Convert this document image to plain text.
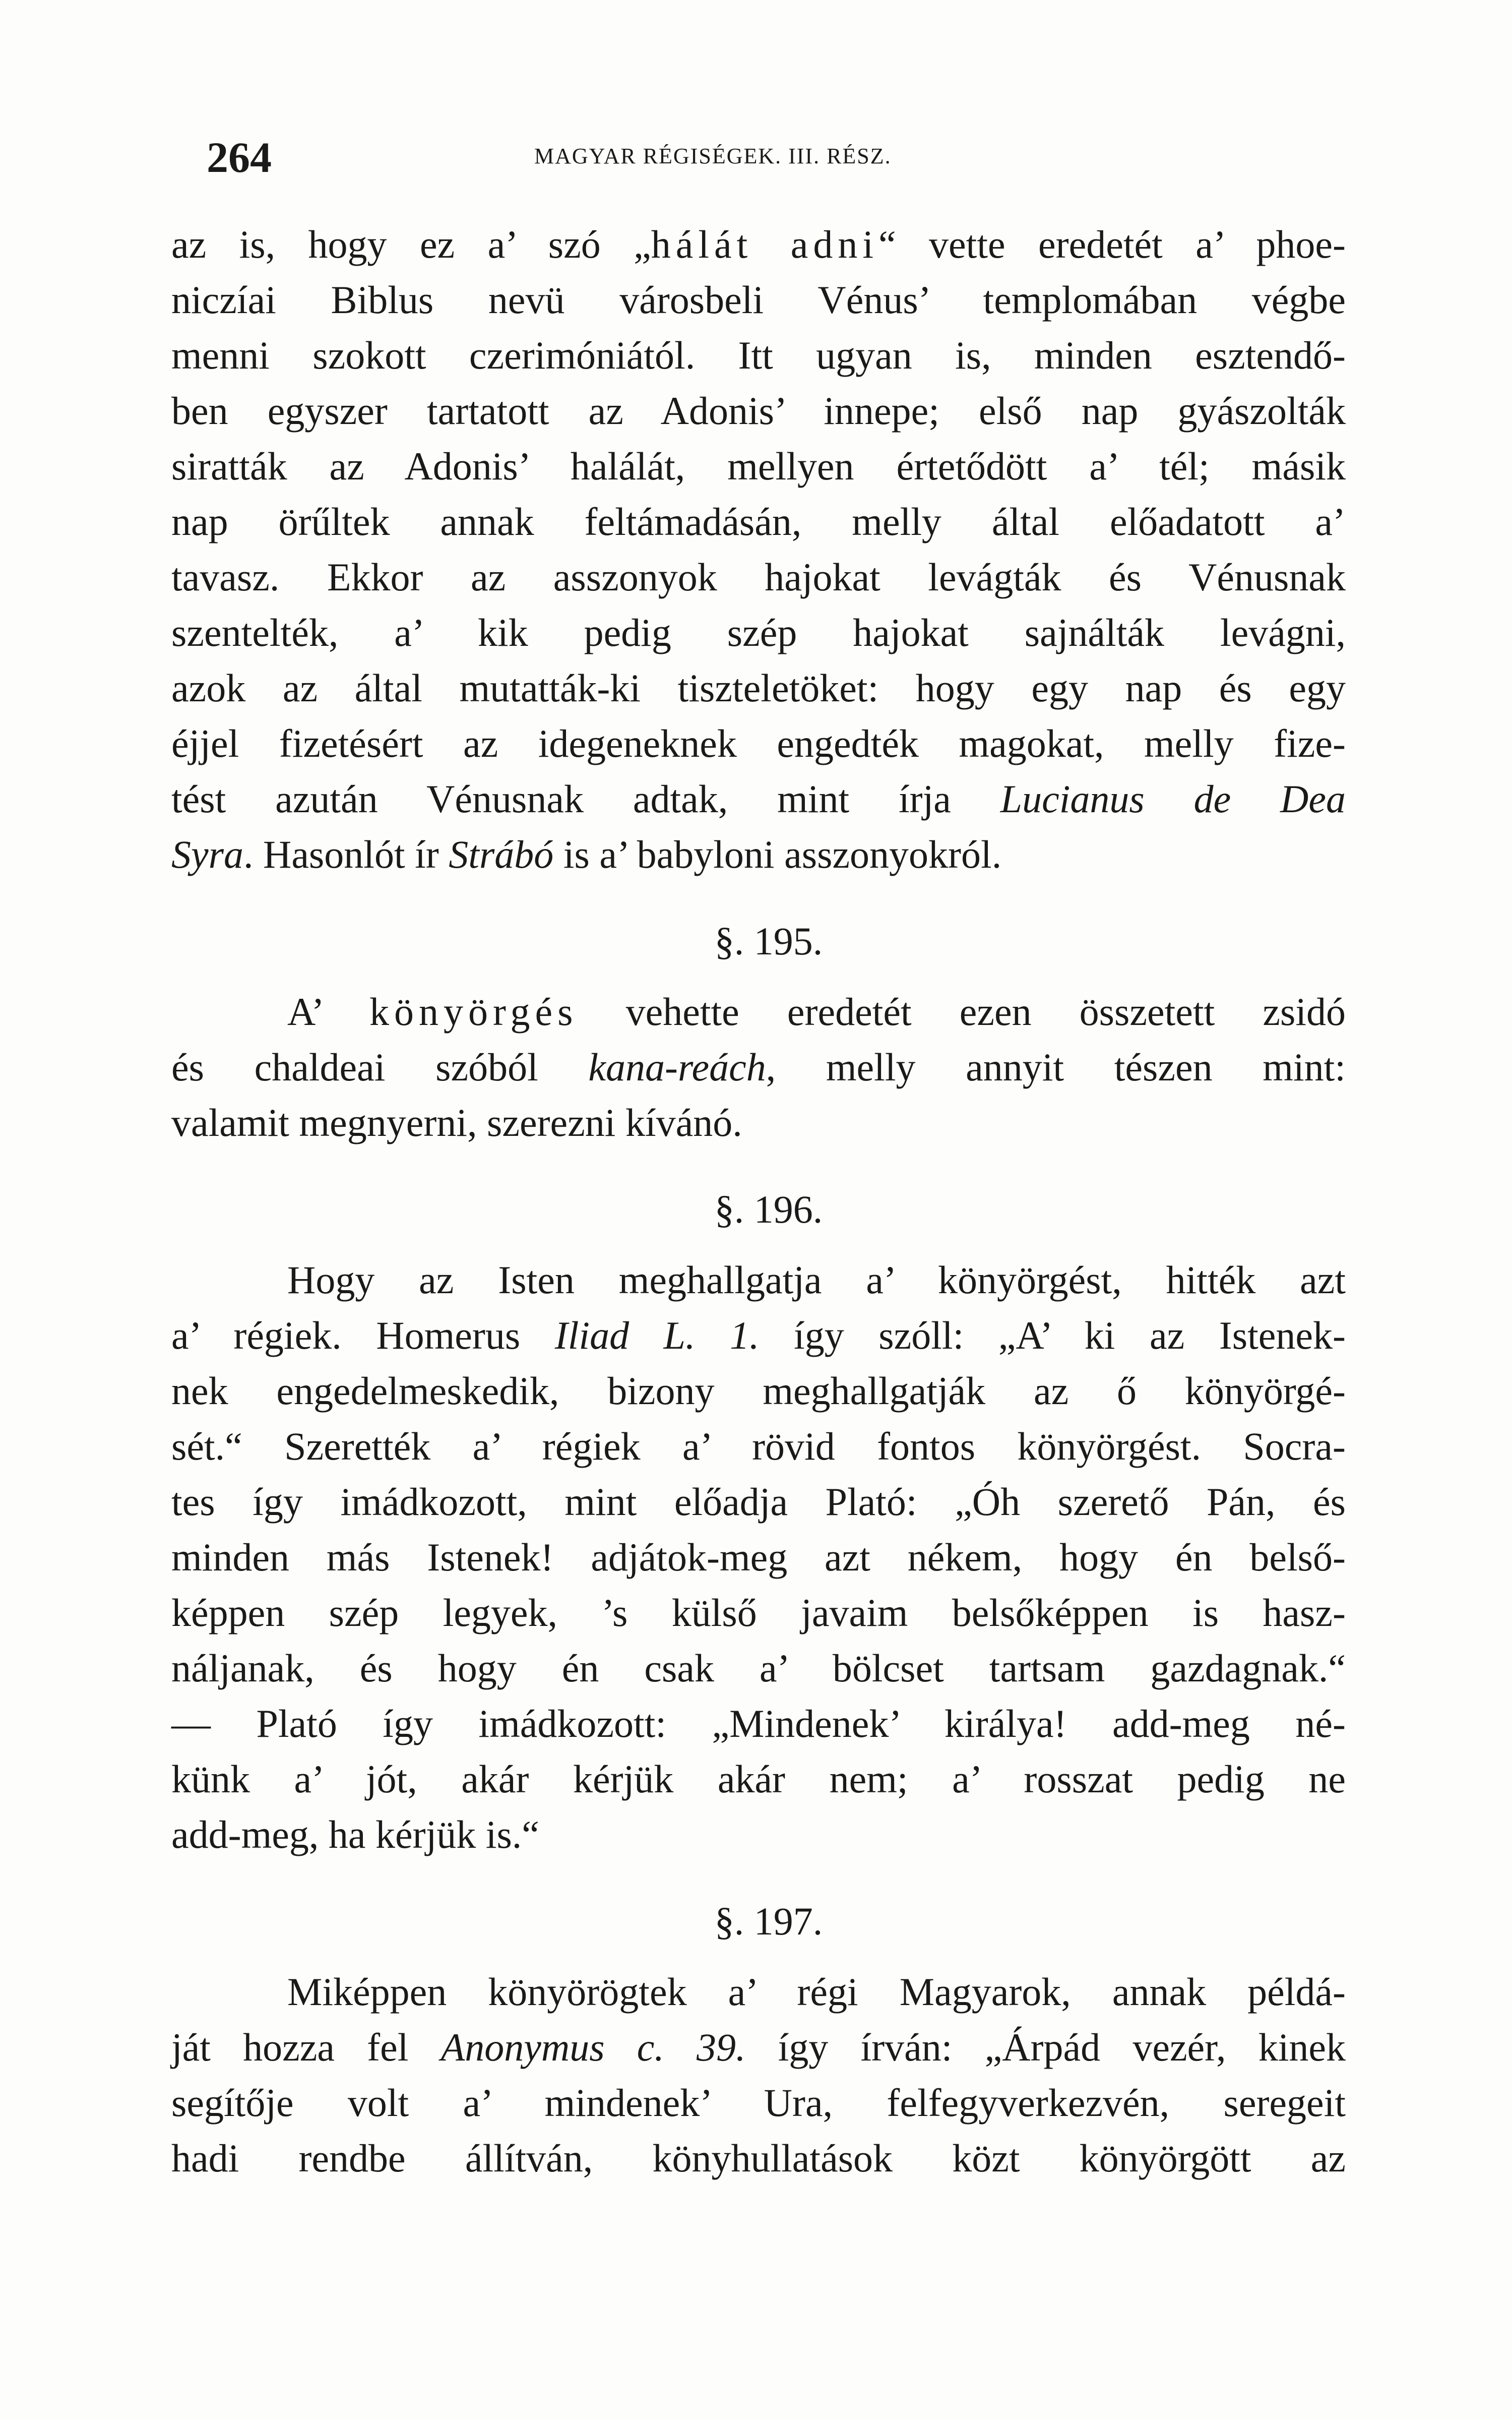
264	MAGYAR RÉGISÉGEK. III. RÉSZ.
az is, hogy ez a’ szó „hálát adni“ vette eredetét a’ phoe-
niczíai Biblus nevü városbeli Vénus’ templomában végbe
menni szokott czerimóniától. Itt ugyan is, minden esztendő-
ben egyszer tartatott az Adonis’ innepe; első nap gyászolták
siratták az Adonis’ halálát, mellyen értetődött a’ tél; másik
nap örűltek annak feltámadásán, melly által előadatott a’
tavasz. Ekkor az asszonyok hajokat levágták és Vénusnak
szentelték, a’ kik pedig szép hajokat sajnálták levágni,
azok az által mutatták-ki tiszteletöket: hogy egy nap és egy
éjjel fizetésért az idegeneknek engedték magokat, melly fize-
tést azután Vénusnak adtak, mint írja Lucianus de Dea
Syra. Hasonlót ír Strábó is a’ babyloni asszonyokról.
§. 195.
A’ könyörgés vehette eredetét ezen összetett zsidó
és chaldeai szóból kana-reách, melly annyit tészen mint:
valamit megnyerni, szerezni kívánó.
§. 196.
Hogy az Isten meghallgatja a’ könyörgést, hitték azt
a’ régiek. Homerus Iliad L. 1. így szóll: „A’ ki az Istenek-
nek engedelmeskedik, bizony meghallgatják az ő könyörgé-
sét.“ Szerették a’ régiek a’ rövid fontos könyörgést. Socra-
tes így imádkozott, mint előadja Plató: „Óh szerető Pán, és
minden más Istenek! adjátok-meg azt nékem, hogy én belső-
képpen szép legyek, ’s külső javaim belsőképpen is hasz-
náljanak, és hogy én csak a’ bölcset tartsam gazdagnak.“
— Plató így imádkozott: „Mindenek’ királya! add-meg né-
künk a’ jót, akár kérjük akár nem; a’ rosszat pedig ne
add-meg, ha kérjük is.“
§. 197.
Miképpen könyörögtek a’ régi Magyarok, annak példá-
ját hozza fel Anonymus c. 39. így írván: „Árpád vezér, kinek
segítője volt a’ mindenek’ Ura, felfegyverkezvén, seregeit
hadi rendbe állítván, könyhullatások közt könyörgött az
